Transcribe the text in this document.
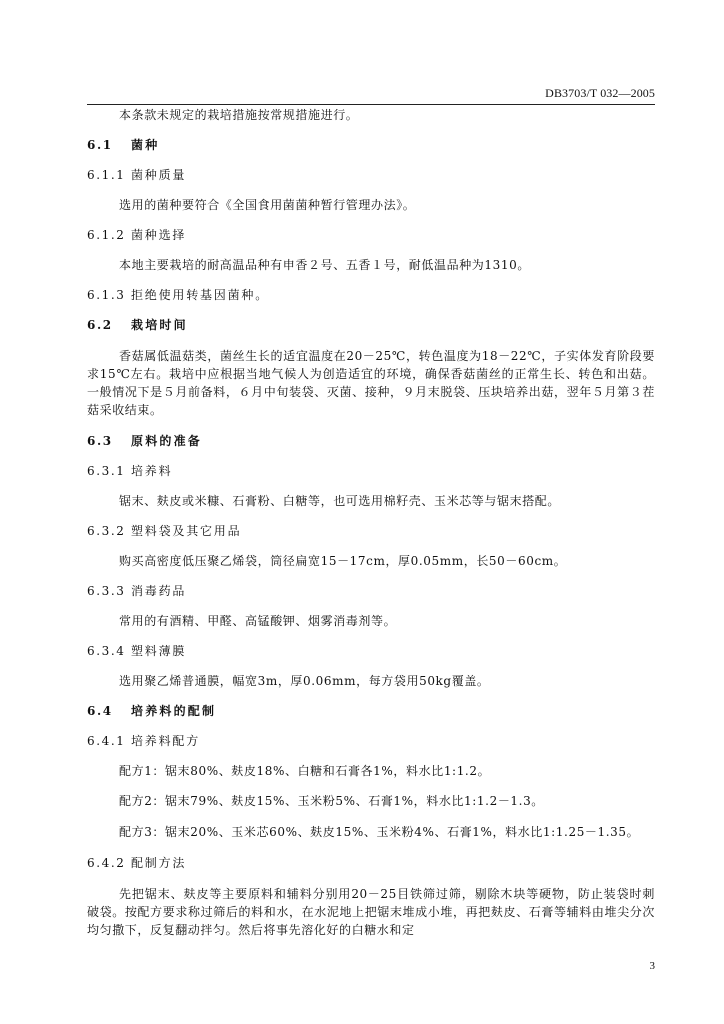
DB3703/T 032—2005

本条款未规定的栽培措施按常规措施进行。

6.1 菌种
6.1.1 菌种质量

选用的菌种要符合《全国食用菌菌种暂行管理办法》。

6.1.2 菌种选择

本地主要栽培的耐高温品种有申香２号、五香１号，耐低温品种为1310。

6.1.3 拒绝使用转基因菌种。
6.2 栽培时间

香菇属低温菇类，菌丝生长的适宜温度在20－25℃，转色温度为18－22℃，子实体发育阶段要求15℃左右。栽培中应根据当地气候人为创造适宜的环境，确保香菇菌丝的正常生长、转色和出菇。一般情况下是５月前备料，６月中旬装袋、灭菌、接种，９月末脱袋、压块培养出菇，翌年５月第３茬菇采收结束。

6.3 原料的准备
6.3.1 培养料

锯末、麸皮或米糠、石膏粉、白糖等，也可选用棉籽壳、玉米芯等与锯末搭配。

6.3.2 塑料袋及其它用品

购买高密度低压聚乙烯袋，筒径扁宽15－17cm，厚0.05mm，长50－60cm。

6.3.3 消毒药品

常用的有酒精、甲醛、高锰酸钾、烟雾消毒剂等。

6.3.4 塑料薄膜

选用聚乙烯普通膜，幅宽3m，厚0.06mm，每方袋用50kg覆盖。

6.4 培养料的配制
6.4.1 培养料配方

配方1：锯末80%、麸皮18%、白糖和石膏各1%，料水比1:1.2。

配方2：锯末79%、麸皮15%、玉米粉5%、石膏1%，料水比1:1.2－1.3。

配方3：锯末20%、玉米芯60%、麸皮15%、玉米粉4%、石膏1%，料水比1:1.25－1.35。

6.4.2 配制方法

先把锯末、麸皮等主要原料和辅料分别用20－25目铁筛过筛，剔除木块等硬物，防止装袋时刺破袋。按配方要求称过筛后的料和水，在水泥地上把锯末堆成小堆，再把麸皮、石膏等辅料由堆尖分次均匀撒下，反复翻动拌匀。然后将事先溶化好的白糖水和定

3
